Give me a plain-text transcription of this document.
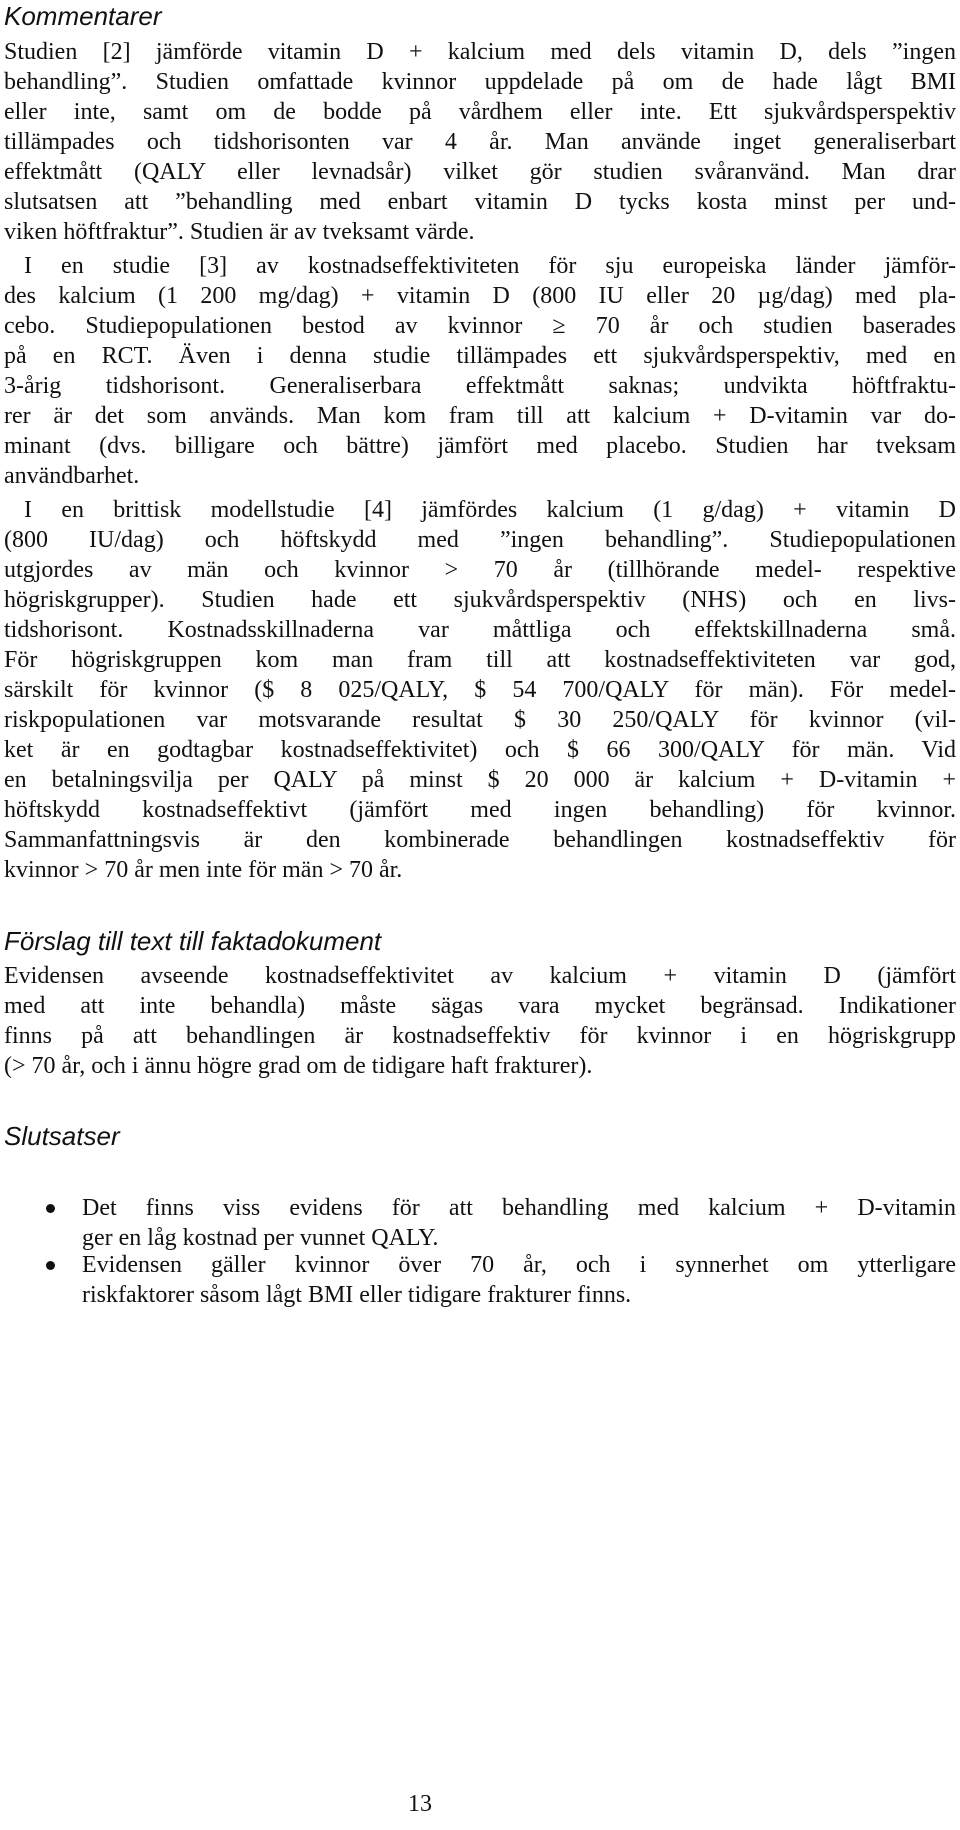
Kommentarer

Studien [2] jämförde vitamin D + kalcium med dels vitamin D, dels ”ingen

behandling”. Studien omfattade kvinnor uppdelade på om de hade lågt BMI

eller inte, samt om de bodde på vårdhem eller inte. Ett sjukvårdsperspektiv

tillämpades och tidshorisonten var 4 år. Man använde inget generaliserbart

effektmått (QALY eller levnadsår) vilket gör studien svåranvänd. Man drar

slutsatsen att ”behandling med enbart vitamin D tycks kosta minst per und-

viken höftfraktur”. Studien är av tveksamt värde.

I en studie [3] av kostnadseffektiviteten för sju europeiska länder jämför-

des kalcium (1 200 mg/dag) + vitamin D (800 IU eller 20 µg/dag) med pla-

cebo. Studiepopulationen bestod av kvinnor ≥ 70 år och studien baserades

på en RCT. Även i denna studie tillämpades ett sjukvårdsperspektiv, med en

3-årig tidshorisont. Generaliserbara effektmått saknas; undvikta höftfraktu-

rer är det som används. Man kom fram till att kalcium + D-vitamin var do-

minant (dvs. billigare och bättre) jämfört med placebo. Studien har tveksam

användbarhet.

I en brittisk modellstudie [4] jämfördes kalcium (1 g/dag) + vitamin D

(800 IU/dag) och höftskydd med ”ingen behandling”. Studiepopulationen

utgjordes av män och kvinnor > 70 år (tillhörande medel- respektive

högriskgrupper). Studien hade ett sjukvårdsperspektiv (NHS) och en livs-

tidshorisont. Kostnadsskillnaderna var måttliga och effektskillnaderna små.

För högriskgruppen kom man fram till att kostnadseffektiviteten var god,

särskilt för kvinnor ($ 8 025/QALY, $ 54 700/QALY för män). För medel-

riskpopulationen var motsvarande resultat $ 30 250/QALY för kvinnor (vil-

ket är en godtagbar kostnadseffektivitet) och $ 66 300/QALY för män. Vid

en betalningsvilja per QALY på minst $ 20 000 är kalcium + D-vitamin +

höftskydd kostnadseffektivt (jämfört med ingen behandling) för kvinnor.

Sammanfattningsvis är den kombinerade behandlingen kostnadseffektiv för

kvinnor > 70 år men inte för män > 70 år.

Förslag till text till faktadokument

Evidensen avseende kostnadseffektivitet av kalcium + vitamin D (jämfört

med att inte behandla) måste sägas vara mycket begränsad. Indikationer

finns på att behandlingen är kostnadseffektiv för kvinnor i en högriskgrupp

(> 70 år, och i ännu högre grad om de tidigare haft frakturer).

Slutsatser

Det finns viss evidens för att behandling med kalcium + D-vitamin

ger en låg kostnad per vunnet QALY.

Evidensen gäller kvinnor över 70 år, och i synnerhet om ytterligare

riskfaktorer såsom lågt BMI eller tidigare frakturer finns.

13
